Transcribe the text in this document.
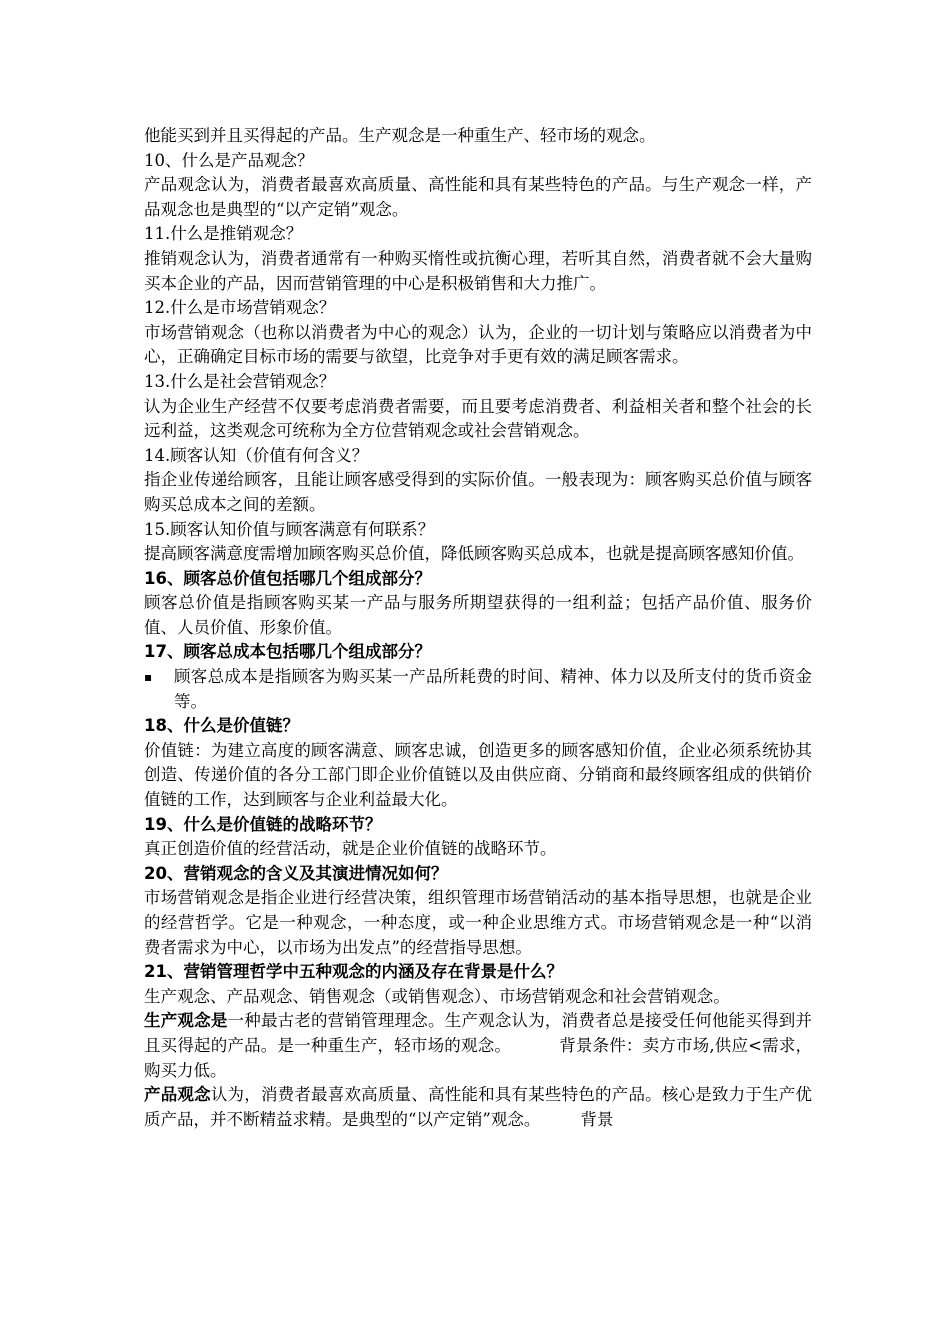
他能买到并且买得起的产品。生产观念是一种重生产、轻市场的观念。

10、什么是产品观念？

产品观念认为，消费者最喜欢高质量、高性能和具有某些特色的产品。与生产观念一样，产品观念也是典型的“以产定销”观念。

11.什么是推销观念？

推销观念认为，消费者通常有一种购买惰性或抗衡心理，若听其自然，消费者就不会大量购买本企业的产品，因而营销管理的中心是积极销售和大力推广。

12.什么是市场营销观念？

市场营销观念（也称以消费者为中心的观念）认为，企业的一切计划与策略应以消费者为中心，正确确定目标市场的需要与欲望，比竞争对手更有效的满足顾客需求。

13.什么是社会营销观念？

认为企业生产经营不仅要考虑消费者需要，而且要考虑消费者、利益相关者和整个社会的长远利益，这类观念可统称为全方位营销观念或社会营销观念。

14.顾客认知（价值有何含义？

指企业传递给顾客，且能让顾客感受得到的实际价值。一般表现为：顾客购买总价值与顾客购买总成本之间的差额。

15.顾客认知价值与顾客满意有何联系？

提高顾客满意度需增加顾客购买总价值，降低顾客购买总成本，也就是提高顾客感知价值。

16、顾客总价值包括哪几个组成部分？

顾客总价值是指顾客购买某一产品与服务所期望获得的一组利益；包括产品价值、服务价值、人员价值、形象价值。

17、顾客总成本包括哪几个组成部分？

▪	顾客总成本是指顾客为购买某一产品所耗费的时间、精神、体力以及所支付的货币资金等。

18、什么是价值链？

价值链：为建立高度的顾客满意、顾客忠诚，创造更多的顾客感知价值，企业必须系统协其创造、传递价值的各分工部门即企业价值链以及由供应商、分销商和最终顾客组成的供销价值链的工作，达到顾客与企业利益最大化。

19、什么是价值链的战略环节？

真正创造价值的经营活动，就是企业价值链的战略环节。

20、营销观念的含义及其演进情况如何？

市场营销观念是指企业进行经营决策，组织管理市场营销活动的基本指导思想，也就是企业的经营哲学。它是一种观念，一种态度，或一种企业思维方式。市场营销观念是一种“以消费者需求为中心，以市场为出发点”的经营指导思想。

21、营销管理哲学中五种观念的内涵及存在背景是什么？

生产观念、产品观念、销售观念（或销售观念）、市场营销观念和社会营销观念。

生产观念是一种最古老的营销管理理念。生产观念认为，消费者总是接受任何他能买得到并且买得起的产品。是一种重生产，轻市场的观念。	背景条件：卖方市场,供应<需求，购买力低。

产品观念认为，消费者最喜欢高质量、高性能和具有某些特色的产品。核心是致力于生产优质产品，并不断精益求精。是典型的“以产定销”观念。 背景
